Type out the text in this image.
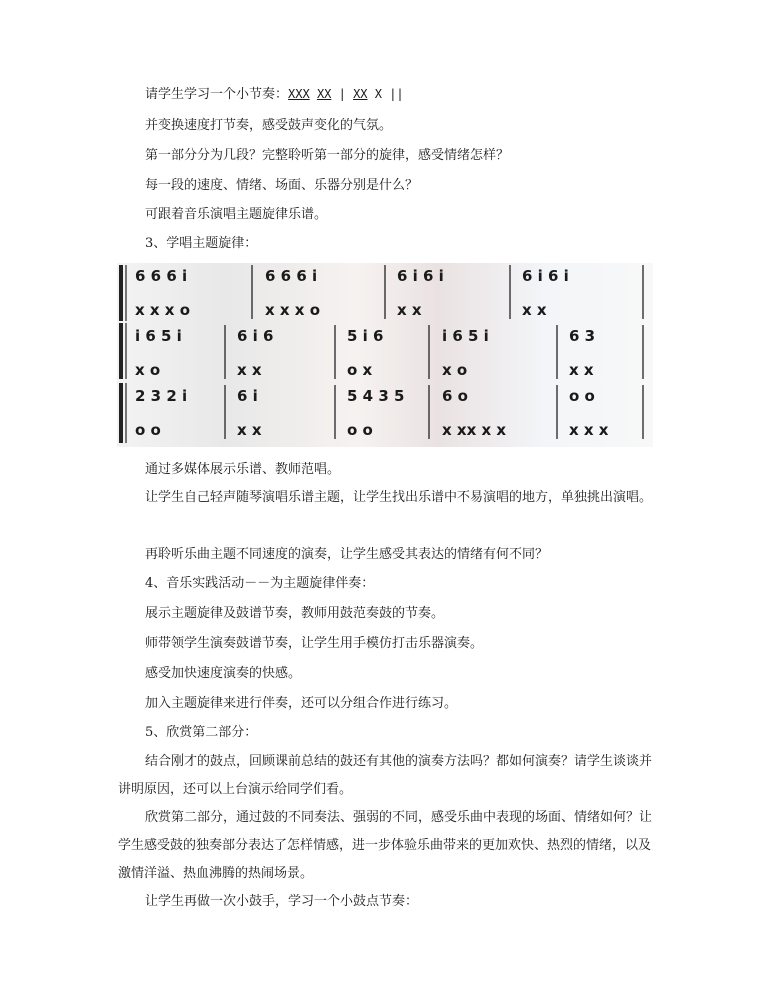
请学生学习一个小节奏：XXX XX | XX X ||
并变换速度打节奏，感受鼓声变化的气氛。
第一部分分为几段？完整聆听第一部分的旋律，感受情绪怎样？
每一段的速度、情绪、场面、乐器分别是什么？
可跟着音乐演唱主题旋律乐谱。
3、学唱主题旋律：
6 6 6 i	6 6 6 i	6 i 6 i	6 i 6 i
x x x o	x x x o	x x	x x
i 6 5 i	6 i 6	5 i 6	i 6 5 i	6 3
x o	x x	o x	x o	x x
2 3 2 i	6 i	5 4 3 5	6 o	o o
o o	x x	o o	x xx x x	x x x
通过多媒体展示乐谱、教师范唱。
让学生自己轻声随琴演唱乐谱主题，让学生找出乐谱中不易演唱的地方，单独挑出演唱。
再聆听乐曲主题不同速度的演奏，让学生感受其表达的情绪有何不同？
4、音乐实践活动－－为主题旋律伴奏：
展示主题旋律及鼓谱节奏，教师用鼓范奏鼓的节奏。
师带领学生演奏鼓谱节奏，让学生用手模仿打击乐器演奏。
感受加快速度演奏的快感。
加入主题旋律来进行伴奏，还可以分组合作进行练习。
5、欣赏第二部分：
结合刚才的鼓点，回顾课前总结的鼓还有其他的演奏方法吗？都如何演奏？请学生谈谈并讲明原因，还可以上台演示给同学们看。
欣赏第二部分，通过鼓的不同奏法、强弱的不同，感受乐曲中表现的场面、情绪如何？让学生感受鼓的独奏部分表达了怎样情感，进一步体验乐曲带来的更加欢快、热烈的情绪，以及激情洋溢、热血沸腾的热闹场景。
让学生再做一次小鼓手，学习一个小鼓点节奏：
